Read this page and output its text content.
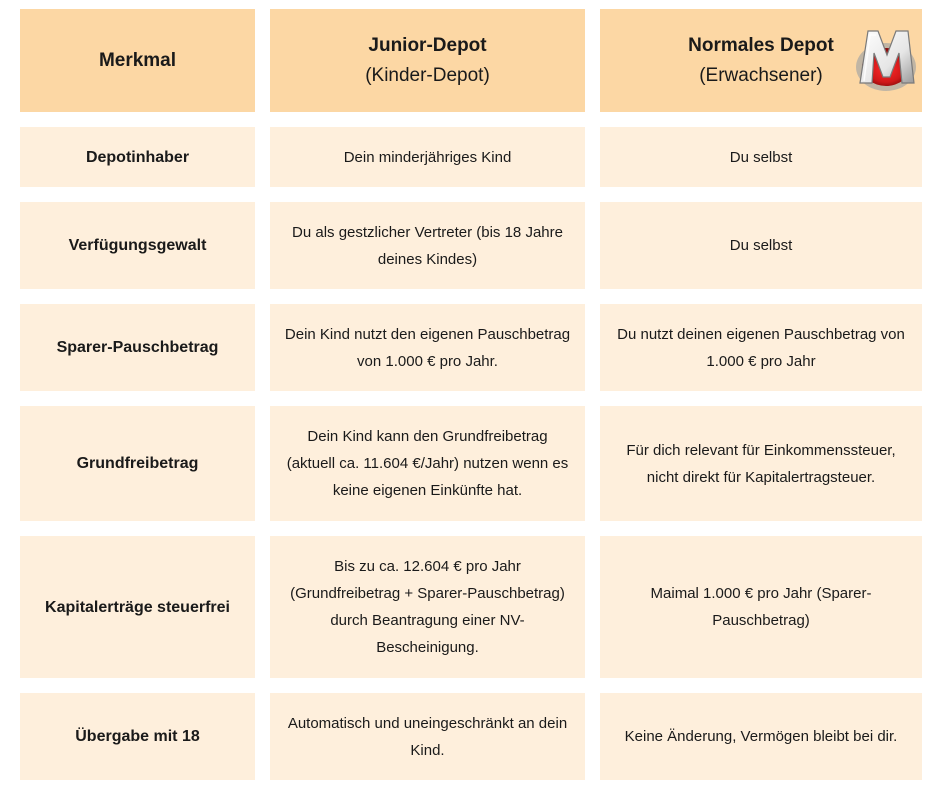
Merkmal
Junior-Depot
(Kinder-Depot)
Normales Depot
(Erwachsener)
Depotinhaber	Dein minderjähriges Kind	Du selbst
Verfügungsgewalt
Du als gestzlicher Vertreter (bis 18 Jahre deines Kindes)
Du selbst
Sparer-Pauschbetrag
Dein Kind nutzt den eigenen Pauschbetrag von 1.000 € pro Jahr.
Du nutzt deinen eigenen Pauschbetrag von 1.000 € pro Jahr
Grundfreibetrag
Dein Kind kann den Grundfreibetrag (aktuell ca. 11.604 €/Jahr) nutzen wenn es keine eigenen Einkünfte hat.
Für dich relevant für Einkommenssteuer, nicht direkt für Kapitalertragsteuer.
Kapitalerträge steuerfrei
Bis zu ca. 12.604 € pro Jahr (Grundfreibetrag + Sparer-Pauschbetrag) durch Beantragung einer NV-Bescheinigung.
Maimal 1.000 € pro Jahr (Sparer-Pauschbetrag)
Übergabe mit 18
Automatisch und uneingeschränkt an dein Kind.
Keine Änderung, Vermögen bleibt bei dir.
